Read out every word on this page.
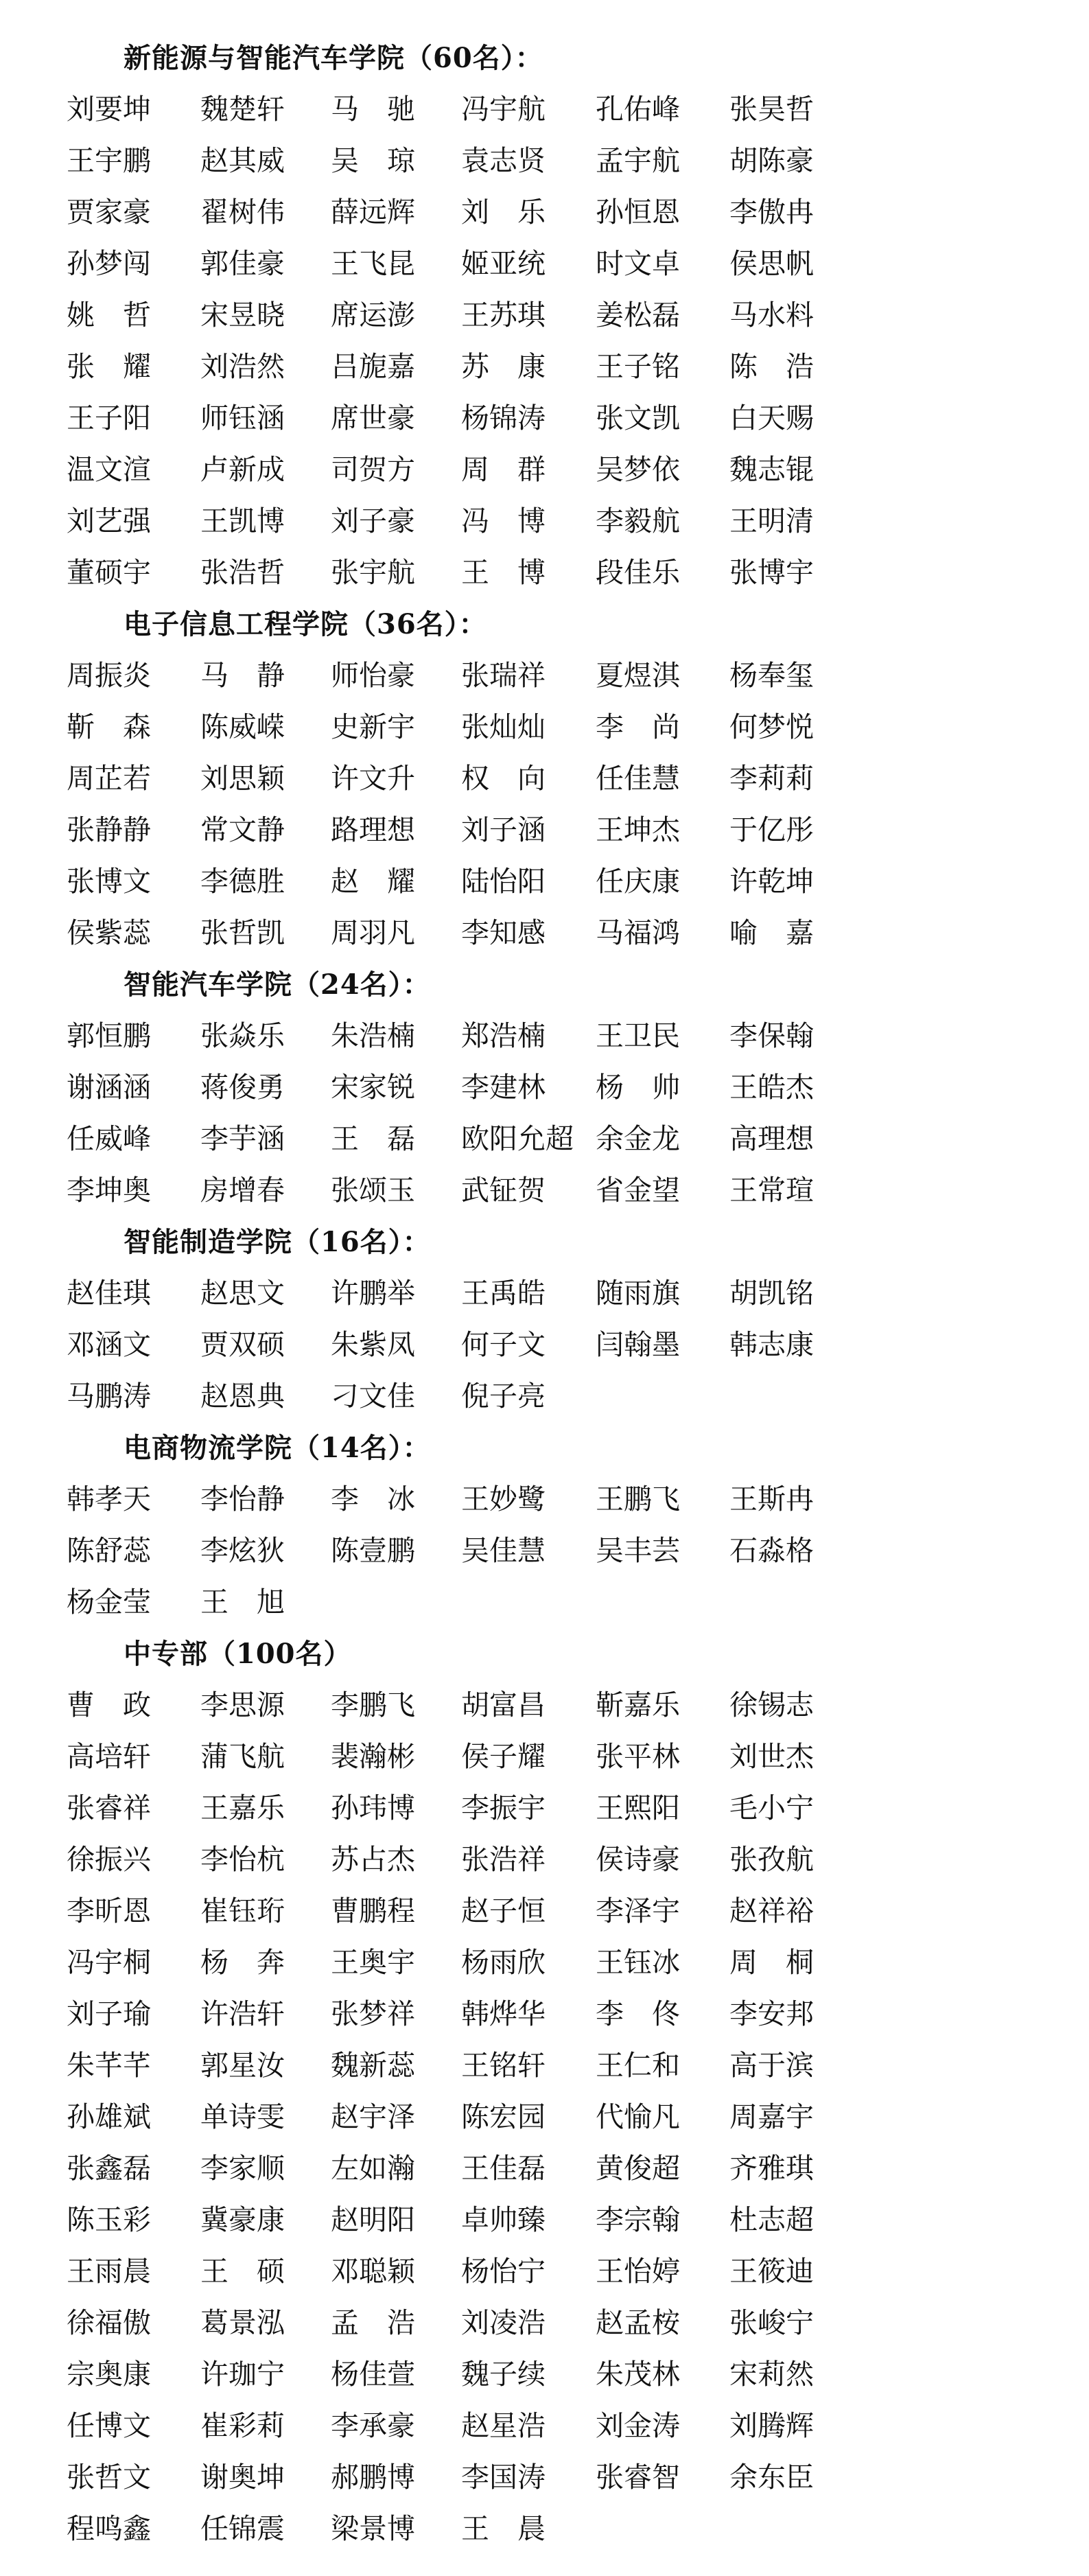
新能源与智能汽车学院（60名）：
刘要坤	魏楚轩	马　驰	冯宇航	孔佑峰	张昊哲
王宇鹏	赵其威	吴　琼	袁志贤	孟宇航	胡陈豪
贾家豪	翟树伟	薛远辉	刘　乐	孙恒恩	李傲冉
孙梦闯	郭佳豪	王飞昆	姬亚统	时文卓	侯思帆
姚　哲	宋昱晓	席运澎	王苏琪	姜松磊	马水料
张　耀	刘浩然	吕旎嘉	苏　康	王子铭	陈　浩
王子阳	师钰涵	席世豪	杨锦涛	张文凯	白天赐
温文渲	卢新成	司贺方	周　群	吴梦依	魏志锟
刘艺强	王凯博	刘子豪	冯　博	李毅航	王明清
董硕宇	张浩哲	张宇航	王　博	段佳乐	张博宇
电子信息工程学院（36名）：
周振炎	马　静	师怡豪	张瑞祥	夏煜淇	杨奉玺
靳　森	陈威嵘	史新宇	张灿灿	李　尚	何梦悦
周芷若	刘思颖	许文升	权　向	任佳慧	李莉莉
张静静	常文静	路理想	刘子涵	王坤杰	于亿彤
张博文	李德胜	赵　耀	陆怡阳	任庆康	许乾坤
侯紫蕊	张哲凯	周羽凡	李知感	马福鸿	喻　嘉
智能汽车学院（24名）：
郭恒鹏	张焱乐	朱浩楠	郑浩楠	王卫民	李保翰
谢涵涵	蒋俊勇	宋家锐	李建林	杨　帅	王皓杰
任威峰	李芋涵	王　磊	欧阳允超 余金龙	高理想
李坤奥	房增春	张颂玉	武钲贺	省金望	王常瑄
智能制造学院（16名）：
赵佳琪	赵思文	许鹏举	王禹皓	随雨旗	胡凯铭
邓涵文	贾双硕	朱紫凤	何子文	闫翰墨	韩志康
马鹏涛	赵恩典	刁文佳	倪子亮
电商物流学院（14名）：
韩孝天	李怡静	李　冰	王妙鹭	王鹏飞	王斯冉
陈舒蕊	李炫狄	陈壹鹏	吴佳慧	吴丰芸	石淼格
杨金莹	王　旭
中专部（100名）
曹　政	李思源	李鹏飞	胡富昌	靳嘉乐	徐锡志
高培轩	蒲飞航	裴瀚彬	侯子耀	张平林	刘世杰
张睿祥	王嘉乐	孙玮博	李振宇	王熙阳	毛小宁
徐振兴	李怡杭	苏占杰	张浩祥	侯诗豪	张孜航
李昕恩	崔钰珩	曹鹏程	赵子恒	李泽宇	赵祥裕
冯宇桐	杨　奔	王奥宇	杨雨欣	王钰冰	周　桐
刘子瑜	许浩轩	张梦祥	韩烨华	李　佟	李安邦
朱芊芊	郭星汝	魏新蕊	王铭轩	王仁和	高于滨
孙雄斌	单诗雯	赵宇泽	陈宏园	代愉凡	周嘉宇
张鑫磊	李家顺	左如瀚	王佳磊	黄俊超	齐雅琪
陈玉彩	冀豪康	赵明阳	卓帅臻	李宗翰	杜志超
王雨晨	王　硕	邓聪颖	杨怡宁	王怡婷	王筱迪
徐福傲	葛景泓	孟　浩	刘凌浩	赵孟桉	张峻宁
宗奥康	许珈宁	杨佳萱	魏子续	朱茂林	宋莉然
任博文	崔彩莉	李承豪	赵星浩	刘金涛	刘腾辉
张哲文	谢奥坤	郝鹏博	李国涛	张睿智	余东臣
程鸣鑫	任锦震	梁景博	王　晨
